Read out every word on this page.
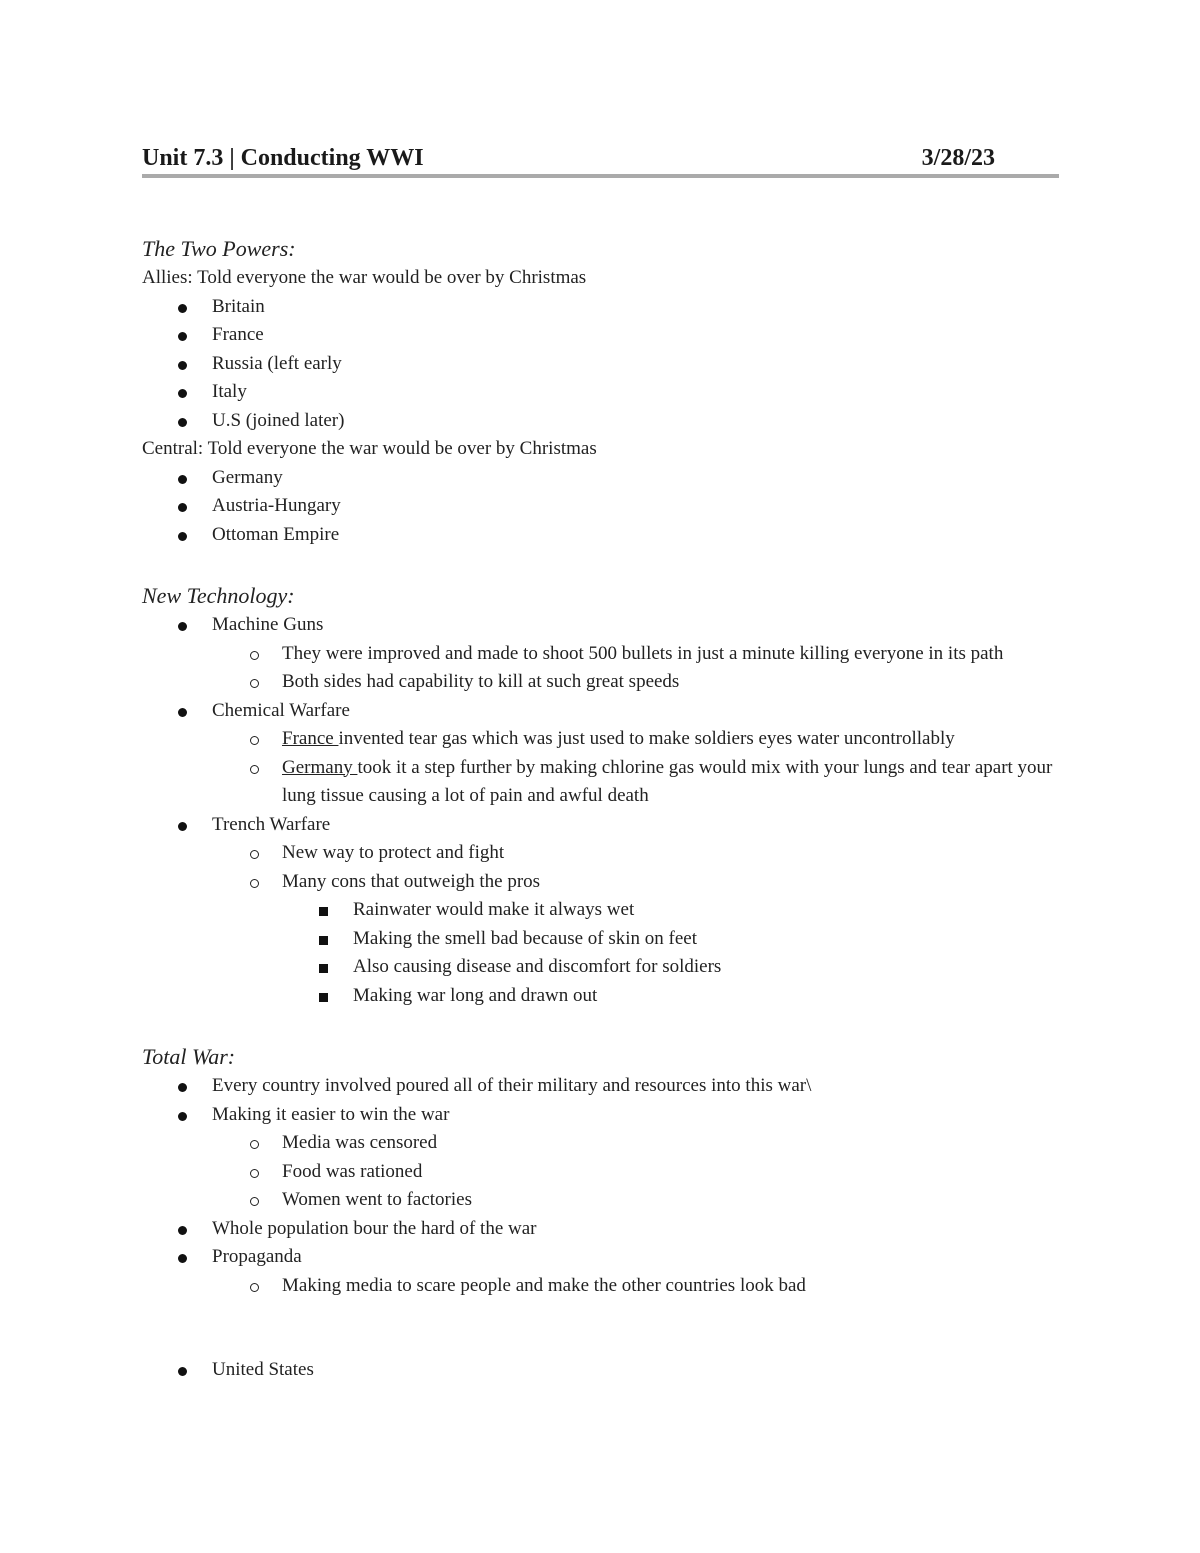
Unit 7.3 | Conducting WWI	3/28/23
The Two Powers:
Allies: Told everyone the war would be over by Christmas
Britain
France
Russia (left early
Italy
U.S (joined later)
Central: Told everyone the war would be over by Christmas
Germany
Austria-Hungary
Ottoman Empire
New Technology:
Machine Guns
They were improved and made to shoot 500 bullets in just a minute killing everyone in its path
Both sides had capability to kill at such great speeds
Chemical Warfare
France invented tear gas which was just used to make soldiers eyes water uncontrollably
Germany took it a step further by making chlorine gas would mix with your lungs and tear apart your lung tissue causing a lot of pain and awful death
Trench Warfare
New way to protect and fight
Many cons that outweigh the pros
Rainwater would make it always wet
Making the smell bad because of skin on feet
Also causing disease and discomfort for soldiers
Making war long and drawn out
Total War:
Every country involved poured all of their military and resources into this war\
Making it easier to win the war
Media was censored
Food was rationed
Women went to factories
Whole population bour the hard of the war
Propaganda
Making media to scare people and make the other countries look bad
United States
